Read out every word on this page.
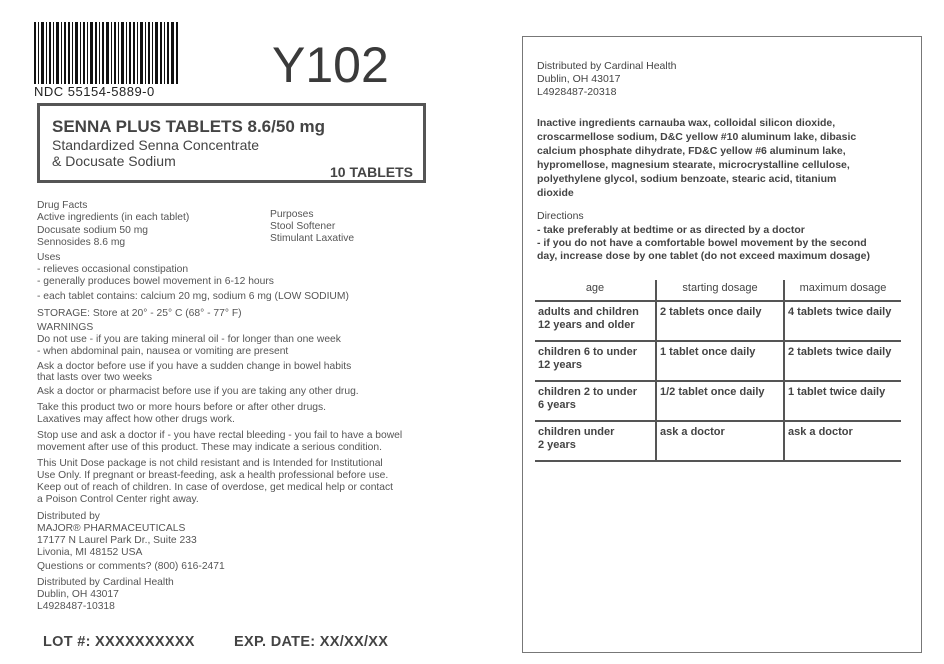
NDC 55154-5889-0 Y102
SENNA PLUS TABLETS 8.6/50 mg
Standardized Senna Concentrate
& Docusate Sodium
10 TABLETS
Drug Facts
Active ingredients (in each tablet)	Purposes
Docusate sodium 50 mg	Stool Softener
Sennosides 8.6 mg	Stimulant Laxative
Uses
- relieves occasional constipation
- generally produces bowel movement in 6-12 hours
- each tablet contains: calcium 20 mg, sodium 6 mg (LOW SODIUM)
STORAGE: Store at 20° - 25° C (68° - 77° F)
WARNINGS
Do not use - if you are taking mineral oil - for longer than one week
- when abdominal pain, nausea or vomiting are present
Ask a doctor before use if you have a sudden change in bowel habits
that lasts over two weeks
Ask a doctor or pharmacist before use if you are taking any other drug.
Take this product two or more hours before or after other drugs.
Laxatives may affect how other drugs work.
Stop use and ask a doctor if - you have rectal bleeding - you fail to have a bowel
movement after use of this product. These may indicate a serious condition.
This Unit Dose package is not child resistant and is Intended for Institutional
Use Only. If pregnant or breast-feeding, ask a health professional before use.
Keep out of reach of children. In case of overdose, get medical help or contact
a Poison Control Center right away.
Distributed by
MAJOR® PHARMACEUTICALS
17177 N Laurel Park Dr., Suite 233
Livonia, MI 48152 USA
Questions or comments? (800) 616-2471
Distributed by Cardinal Health
Dublin, OH 43017
L4928487-10318
LOT #: XXXXXXXXXX	EXP. DATE: XX/XX/XX
Distributed by Cardinal Health
Dublin, OH 43017
L4928487-20318
Inactive ingredients carnauba wax, colloidal silicon dioxide,
croscarmellose sodium, D&C yellow #10 aluminum lake, dibasic
calcium phosphate dihydrate, FD&C yellow #6 aluminum lake,
hypromellose, magnesium stearate, microcrystalline cellulose,
polyethylene glycol, sodium benzoate, stearic acid, titanium
dioxide
Directions
- take preferably at bedtime or as directed by a doctor
- if you do not have a comfortable bowel movement by the second
day, increase dose by one tablet (do not exceed maximum dosage)
age	starting dosage	maximum dosage
adults and children
12 years and older	2 tablets once daily	4 tablets twice daily
children 6 to under
12 years	1 tablet once daily	2 tablets twice daily
children 2 to under
6 years	1/2 tablet once daily	1 tablet twice daily
children under
2 years	ask a doctor	ask a doctor
